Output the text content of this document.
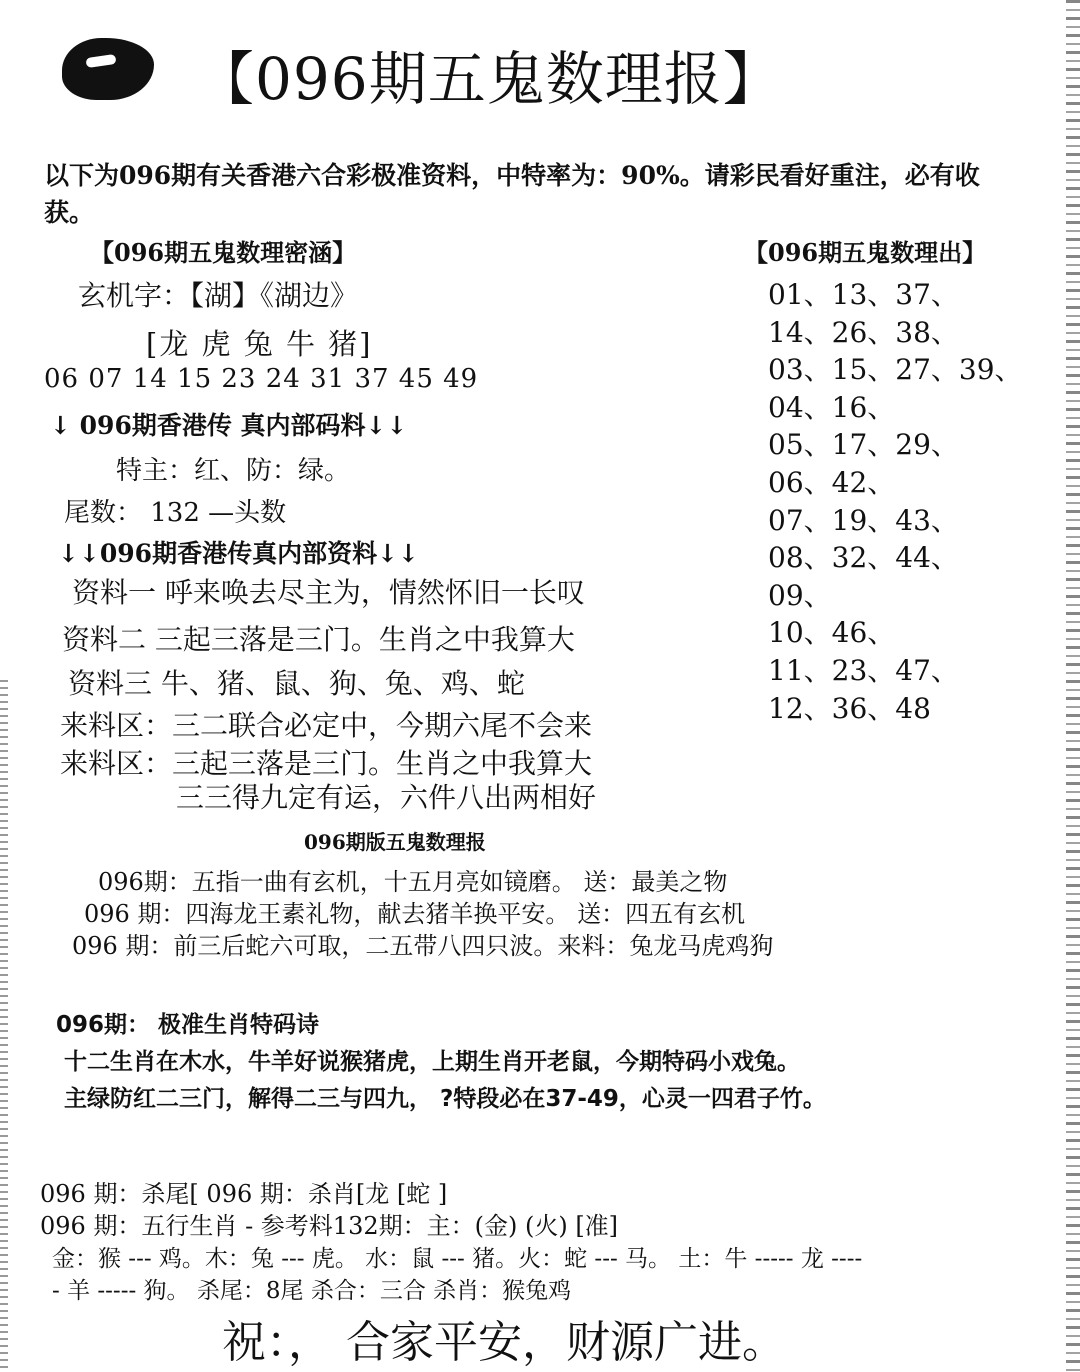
【096期五鬼数理报】
以下为096期有关香港六合彩极准资料，中特率为：90%。请彩民看好重注，必有收
获。
【096期五鬼数理密涵】
玄机字：【湖】《湖边》
[龙 虎 兔 牛 猪]
06 07 14 15 23 24 31 37 45 49
↓ 096期香港传 真内部码料↓↓
特主：红、防：绿。
尾数： 132 —头数
↓↓096期香港传真内部资料↓↓
资料一 呼来唤去尽主为，情然怀旧一长叹
资料二 三起三落是三门。生肖之中我算大
资料三 牛、猪、鼠、狗、兔、鸡、蛇
来料区：三二联合必定中，今期六尾不会来
来料区：三起三落是三门。生肖之中我算大
三三得九定有运，六件八出两相好
【096期五鬼数理出】
01、13、37、
14、26、38、
03、15、27、39、
04、16、
05、17、29、
06、42、
07、19、43、
08、32、44、
09、
10、46、
11、23、47、
12、36、48
096期版五鬼数理报
096期：五指一曲有玄机，十五月亮如镜磨。 送：最美之物
096 期：四海龙王素礼物，献去猪羊换平安。 送：四五有玄机
096 期：前三后蛇六可取，二五带八四只波。来料：兔龙马虎鸡狗
096期： 极准生肖特码诗
十二生肖在木水，牛羊好说猴猪虎，上期生肖开老鼠，今期特码小戏兔。
主绿防红二三门，解得二三与四九， ?特段必在37-49，心灵一四君子竹。
096 期：杀尾[ 096 期：杀肖[龙 [蛇 ]
096 期：五行生肖 - 参考料132期：主：(金) (火) [准]
金：猴 --- 鸡。木：兔 --- 虎。 水：鼠 --- 猪。火：蛇 --- 马。 土：牛 ----- 龙 ----
- 羊 ----- 狗。 杀尾：8尾 杀合：三合 杀肖：猴兔鸡
祝：， 合家平安，财源广进。
